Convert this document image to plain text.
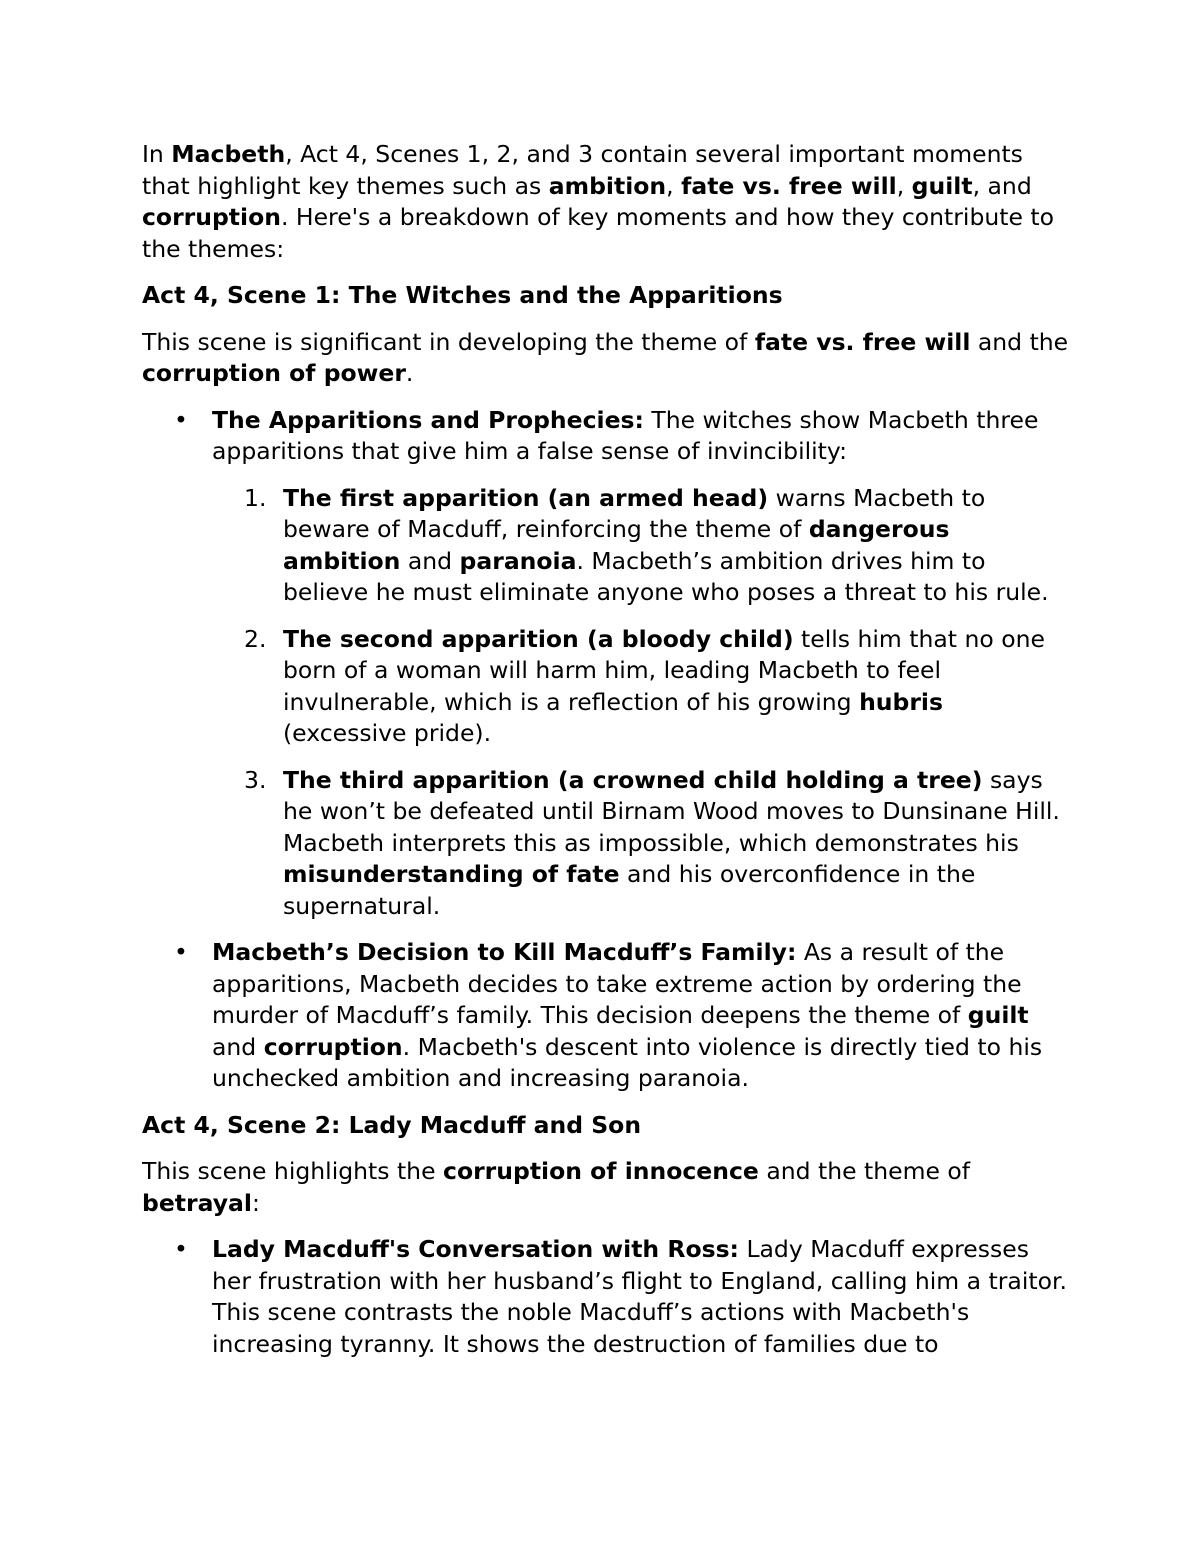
In Macbeth, Act 4, Scenes 1, 2, and 3 contain several important moments that highlight key themes such as ambition, fate vs. free will, guilt, and corruption. Here's a breakdown of key moments and how they contribute to the themes:

Act 4, Scene 1: The Witches and the Apparitions

This scene is significant in developing the theme of fate vs. free will and the corruption of power.

• The Apparitions and Prophecies: The witches show Macbeth three apparitions that give him a false sense of invincibility:
1. The first apparition (an armed head) warns Macbeth to beware of Macduff, reinforcing the theme of dangerous ambition and paranoia. Macbeth’s ambition drives him to believe he must eliminate anyone who poses a threat to his rule.
2. The second apparition (a bloody child) tells him that no one born of a woman will harm him, leading Macbeth to feel invulnerable, which is a reflection of his growing hubris (excessive pride).
3. The third apparition (a crowned child holding a tree) says he won’t be defeated until Birnam Wood moves to Dunsinane Hill. Macbeth interprets this as impossible, which demonstrates his misunderstanding of fate and his overconfidence in the supernatural.
• Macbeth’s Decision to Kill Macduff’s Family: As a result of the apparitions, Macbeth decides to take extreme action by ordering the murder of Macduff’s family. This decision deepens the theme of guilt and corruption. Macbeth's descent into violence is directly tied to his unchecked ambition and increasing paranoia.
Act 4, Scene 2: Lady Macduff and Son

This scene highlights the corruption of innocence and the theme of betrayal:

• Lady Macduff's Conversation with Ross: Lady Macduff expresses her frustration with her husband’s flight to England, calling him a traitor. This scene contrasts the noble Macduff’s actions with Macbeth's increasing tyranny. It shows the destruction of families due to
